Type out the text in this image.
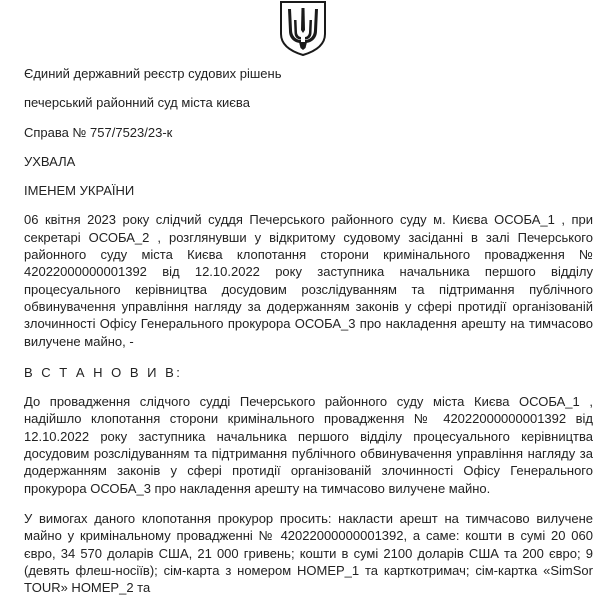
Єдиний державний реєстр судових рішень
печерський районний суд міста києва
Справа № 757/7523/23-к
УХВАЛА
ІМЕНЕМ УКРАЇНИ

06 квітня 2023 року слідчий суддя Печерського районного суду м. Києва ОСОБА_1 , при секретарі ОСОБА_2 , розглянувши у відкритому судовому засіданні в залі Печерського районного суду міста Києва клопотання сторони кримінального провадження № 42022000000001392 від 12.10.2022 року заступника начальника першого відділу процесуального керівництва досудовим розслідуванням та підтримання публічного обвинувачення управління нагляду за додержанням законів у сфері протидії організованій злочинності Офісу Генерального прокурора ОСОБА_3 про накладення арешту на тимчасово вилучене майно, -

В С Т А Н О В И В:

До провадження слідчого судді Печерського районного суду міста Києва ОСОБА_1 , надійшло клопотання сторони кримінального провадження № 42022000000001392 від 12.10.2022 року заступника начальника першого відділу процесуального керівництва досудовим розслідуванням та підтримання публічного обвинувачення управління нагляду за додержанням законів у сфері протидії організованій злочинності Офісу Генерального прокурора ОСОБА_3 про накладення арешту на тимчасово вилучене майно.

У вимогах даного клопотання прокурор просить: накласти арешт на тимчасово вилучене майно у кримінальному провадженні № 42022000000001392, а саме: кошти в сумі 20 060 євро, 34 570 доларів США, 21 000 гривень; кошти в сумі 2100 доларів США та 200 євро; 9 (девять флеш-носіїв); сім-карта з номером НОМЕР_1 та карткотримач; сім-картка «SimSor TOUR» НОМЕР_2 та
